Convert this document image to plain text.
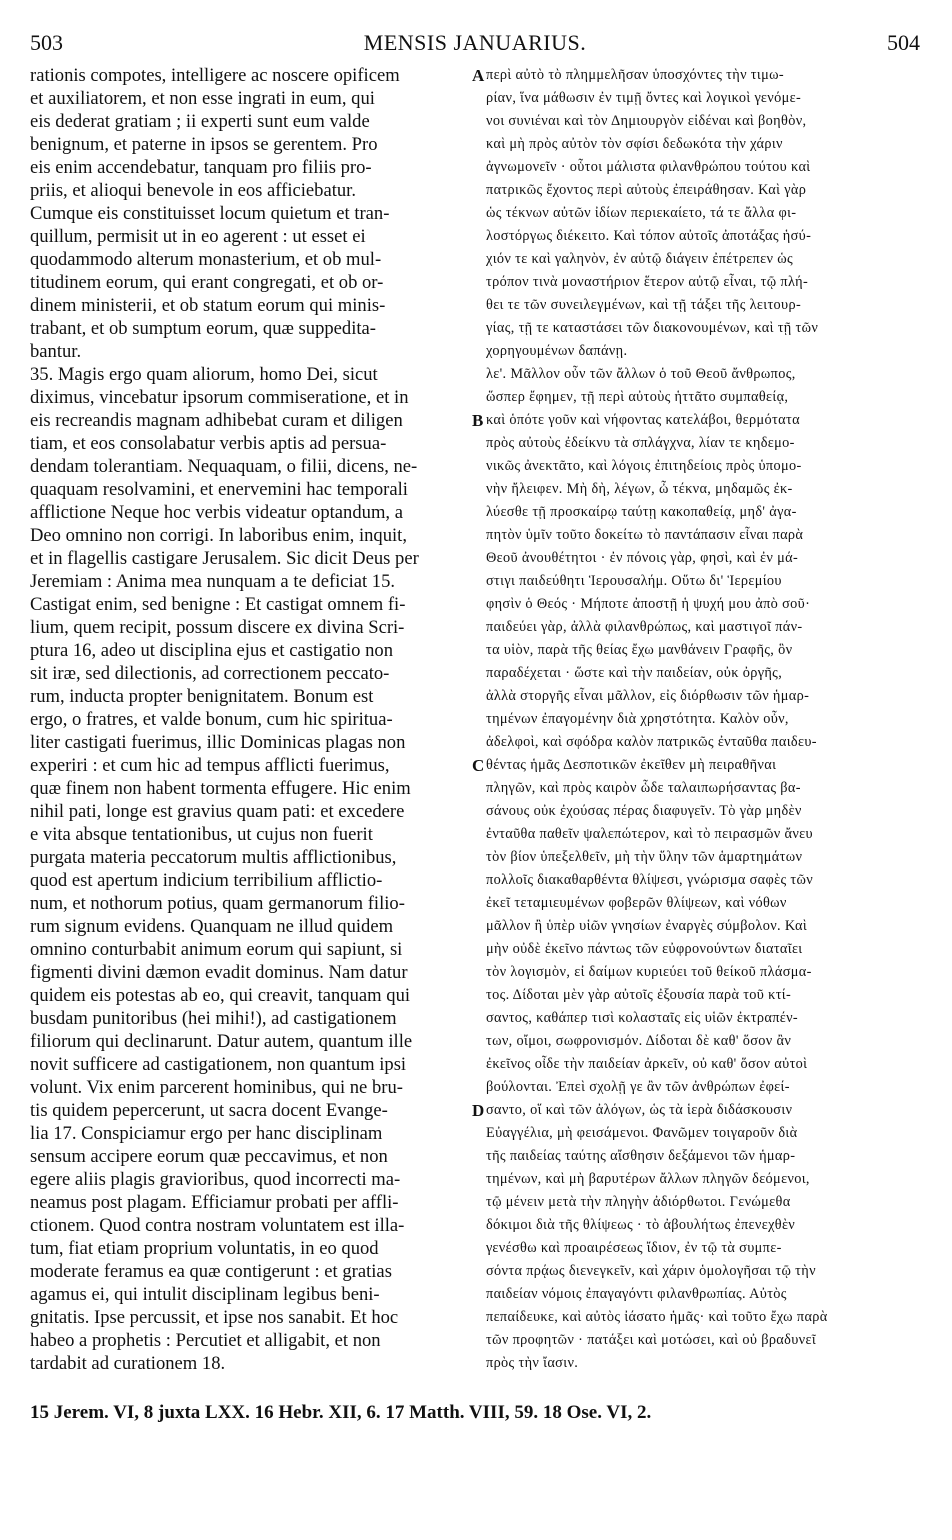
503	MENSIS JANUARIUS.	504
rationis compotes, intelligere ac noscere opificem
et auxiliatorem, et non esse ingrati in eum, qui
eis dederat gratiam ; ii experti sunt eum valde
benignum, et paterne in ipsos se gerentem. Pro
eis enim accendebatur, tanquam pro filiis pro-
priis, et alioqui benevole in eos afficiebatur.
Cumque eis constituisset locum quietum et tran-
quillum, permisit ut in eo agerent : ut esset ei
quodammodo alterum monasterium, et ob mul-
titudinem eorum, qui erant congregati, et ob or-
dinem ministerii, et ob statum eorum qui minis-
trabant, et ob sumptum eorum, quæ suppedita-
bantur.
35. Magis ergo quam aliorum, homo Dei, sicut
diximus, vincebatur ipsorum commiseratione, et in
eis recreandis magnam adhibebat curam et diligen
tiam, et eos consolabatur verbis aptis ad persua-
dendam tolerantiam. Nequaquam, o filii, dicens, ne-
quaquam resolvamini, et enervemini hac temporali
afflictione Neque hoc verbis videatur optandum, a
Deo omnino non corrigi. In laboribus enim, inquit,
et in flagellis castigare Jerusalem. Sic dicit Deus per
Jeremiam : Anima mea nunquam a te deficiat 15.
Castigat enim, sed benigne : Et castigat omnem fi-
lium, quem recipit, possum discere ex divina Scri-
ptura 16, adeo ut disciplina ejus et castigatio non
sit iræ, sed dilectionis, ad correctionem peccato-
rum, inducta propter benignitatem. Bonum est
ergo, o fratres, et valde bonum, cum hic spiritua-
liter castigati fuerimus, illic Dominicas plagas non
experiri : et cum hic ad tempus afflicti fuerimus,
quæ finem non habent tormenta effugere. Hic enim
nihil pati, longe est gravius quam pati: et excedere
e vita absque tentationibus, ut cujus non fuerit
purgata materia peccatorum multis afflictionibus,
quod est apertum indicium terribilium afflictio-
num, et nothorum potius, quam germanorum filio-
rum signum evidens. Quanquam ne illud quidem
omnino conturbabit animum eorum qui sapiunt, si
figmenti divini dæmon evadit dominus. Nam datur
quidem eis potestas ab eo, qui creavit, tanquam qui
busdam punitoribus (hei mihi!), ad castigationem
filiorum qui declinarunt. Datur autem, quantum ille
novit sufficere ad castigationem, non quantum ipsi
volunt. Vix enim parcerent hominibus, qui ne bru-
tis quidem pepercerunt, ut sacra docent Evange-
lia 17. Conspiciamur ergo per hanc disciplinam
sensum accipere eorum quæ peccavimus, et non
egere aliis plagis gravioribus, quod incorrecti ma-
neamus post plagam. Efficiamur probati per affli-
ctionem. Quod contra nostram voluntatem est illa-
tum, fiat etiam proprium voluntatis, in eo quod
moderate feramus ea quæ contigerunt : et gratias
agamus ei, qui intulit disciplinam legibus beni-
gnitatis. Ipse percussit, et ipse nos sanabit. Et hoc
habeo a prophetis : Percutiet et alligabit, et non
tardabit ad curationem 18.
περὶ αὐτὸ τὸ πλημμελῆσαν ὑποσχόντες τὴν τιμω-
ρίαν, ἵνα μάθωσιν ἐν τιμῇ ὄντες καὶ λογικοὶ γενόμε-
νοι συνιέναι καὶ τὸν Δημιουργὸν εἰδέναι καὶ βοηθὸν,
καὶ μὴ πρὸς αὐτὸν τὸν σφίσι δεδωκότα τὴν χάριν
ἀγνωμονεῖν · οὗτοι μάλιστα φιλανθρώπου τούτου καὶ
πατρικῶς ἔχοντος περὶ αὐτοὺς ἐπειράθησαν. Καὶ γὰρ
ὡς τέκνων αὐτῶν ἰδίων περιεκαίετο, τά τε ἄλλα φι-
λοστόργως διέκειτο. Καὶ τόπον αὐτοῖς ἀποτάξας ἡσύ-
χιόν τε καὶ γαληνὸν, ἐν αὐτῷ διάγειν ἐπέτρεπεν ὡς
τρόπον τινὰ μοναστήριον ἕτερον αὐτῷ εἶναι, τῷ πλή-
θει τε τῶν συνειλεγμένων, καὶ τῇ τάξει τῆς λειτουρ-
γίας, τῇ τε καταστάσει τῶν διακονουμένων, καὶ τῇ τῶν
χορηγουμένων δαπάνῃ.
λε'. Μᾶλλον οὖν τῶν ἄλλων ὁ τοῦ Θεοῦ ἄνθρωπος,
ὥσπερ ἔφημεν, τῇ περὶ αὐτοὺς ἡττᾶτο συμπαθείᾳ,
καὶ ὁπότε γοῦν καὶ νήφοντας κατελάβοι, θερμότατα
πρὸς αὐτοὺς ἐδείκνυ τὰ σπλάγχνα, λίαν τε κηδεμο-
νικῶς ἀνεκτᾶτο, καὶ λόγοις ἐπιτηδείοις πρὸς ὑπομο-
νὴν ἤλειφεν. Μὴ δὴ, λέγων, ὦ τέκνα, μηδαμῶς ἐκ-
λύεσθε τῇ προσκαίρῳ ταύτῃ κακοπαθείᾳ, μηδ' ἀγα-
πητὸν ὑμῖν τοῦτο δοκείτω τὸ παντάπασιν εἶναι παρὰ
Θεοῦ ἀνουθέτητοι · ἐν πόνοις γὰρ, φησὶ, καὶ ἐν μά-
στιγι παιδεύθητι Ἱερουσαλήμ. Οὕτω δι' Ἱερεμίου
φησὶν ὁ Θεός · Μήποτε ἀποστῇ ἡ ψυχή μου ἀπὸ σοῦ·
παιδεύει γὰρ, ἀλλὰ φιλανθρώπως, καὶ μαστιγοῖ πάν-
τα υἱὸν, παρὰ τῆς θείας ἔχω μανθάνειν Γραφῆς, ὃν
παραδέχεται · ὥστε καὶ τὴν παιδείαν, οὐκ ὀργῆς,
ἀλλὰ στοργῆς εἶναι μᾶλλον, εἰς διόρθωσιν τῶν ἡμαρ-
τημένων ἐπαγομένην διὰ χρηστότητα. Καλὸν οὖν,
ἀδελφοὶ, καὶ σφόδρα καλὸν πατρικῶς ἐνταῦθα παιδευ-
θέντας ἡμᾶς Δεσποτικῶν ἐκεῖθεν μὴ πειραθῆναι
πληγῶν, καὶ πρὸς καιρὸν ὧδε ταλαιπωρήσαντας βα-
σάνους οὐκ ἐχούσας πέρας διαφυγεῖν. Τὸ γὰρ μηδὲν
ἐνταῦθα παθεῖν ψαλεπώτερον, καὶ τὸ πειρασμῶν ἄνευ
τὸν βίον ὑπεξελθεῖν, μὴ τὴν ὕλην τῶν ἁμαρτημάτων
πολλοῖς διακαθαρθέντα θλίψεσι, γνώρισμα σαφὲς τῶν
ἐκεῖ τεταμιευμένων φοβερῶν θλίψεων, καὶ νόθων
μᾶλλον ἢ ὑπὲρ υἱῶν γνησίων ἐναργὲς σύμβολον. Καὶ
μὴν οὐδὲ ἐκεῖνο πάντως τῶν εὐφρονούντων διαταῖει
τὸν λογισμὸν, εἰ δαίμων κυριεύει τοῦ θείκοῦ πλάσμα-
τος. Δίδοται μὲν γὰρ αὐτοῖς ἐξουσία παρὰ τοῦ κτί-
σαντος, καθάπερ τισὶ κολασταῖς εἰς υἱῶν ἐκτραπέν-
των, οἴμοι, σωφρονισμόν. Δίδοται δὲ καθ' ὅσον ἂν
ἐκεῖνος οἶδε τὴν παιδείαν ἀρκεῖν, οὐ καθ' ὅσον αὐτοὶ
βούλονται. Ἐπεὶ σχολῇ γε ἂν τῶν ἀνθρώπων ἐφεί-
σαντο, οἵ καὶ τῶν ἀλόγων, ὡς τὰ ἱερὰ διδάσκουσιν
Εὐαγγέλια, μὴ φεισάμενοι. Φανῶμεν τοιγαροῦν διὰ
τῆς παιδείας ταύτης αἴσθησιν δεξάμενοι τῶν ἡμαρ-
τημένων, καὶ μὴ βαρυτέρων ἄλλων πληγῶν δεόμενοι,
τῷ μένειν μετὰ τὴν πληγὴν ἀδιόρθωτοι. Γενώμεθα
δόκιμοι διὰ τῆς θλίψεως · τὸ ἀβουλήτως ἐπενεχθὲν
γενέσθω καὶ προαιρέσεως ἴδιον, ἐν τῷ τὰ συμπε-
σόντα πρᾴως διενεγκεῖν, καὶ χάριν ὁμολογῆσαι τῷ τὴν
παιδείαν νόμοις ἐπαγαγόντι φιλανθρωπίας. Αὐτὸς
πεπαίδευκε, καὶ αὐτὸς ἰάσατο ἡμᾶς· καὶ τοῦτο ἔχω παρὰ
τῶν προφητῶν · πατάξει καὶ μοτώσει, καὶ οὐ βραδυνεῖ
πρὸς τὴν ἴασιν.
A
B
C
D
15 Jerem. VI, 8 juxta LXX. 16 Hebr. XII, 6. 17 Matth. VIII, 59. 18 Ose. VI, 2.
